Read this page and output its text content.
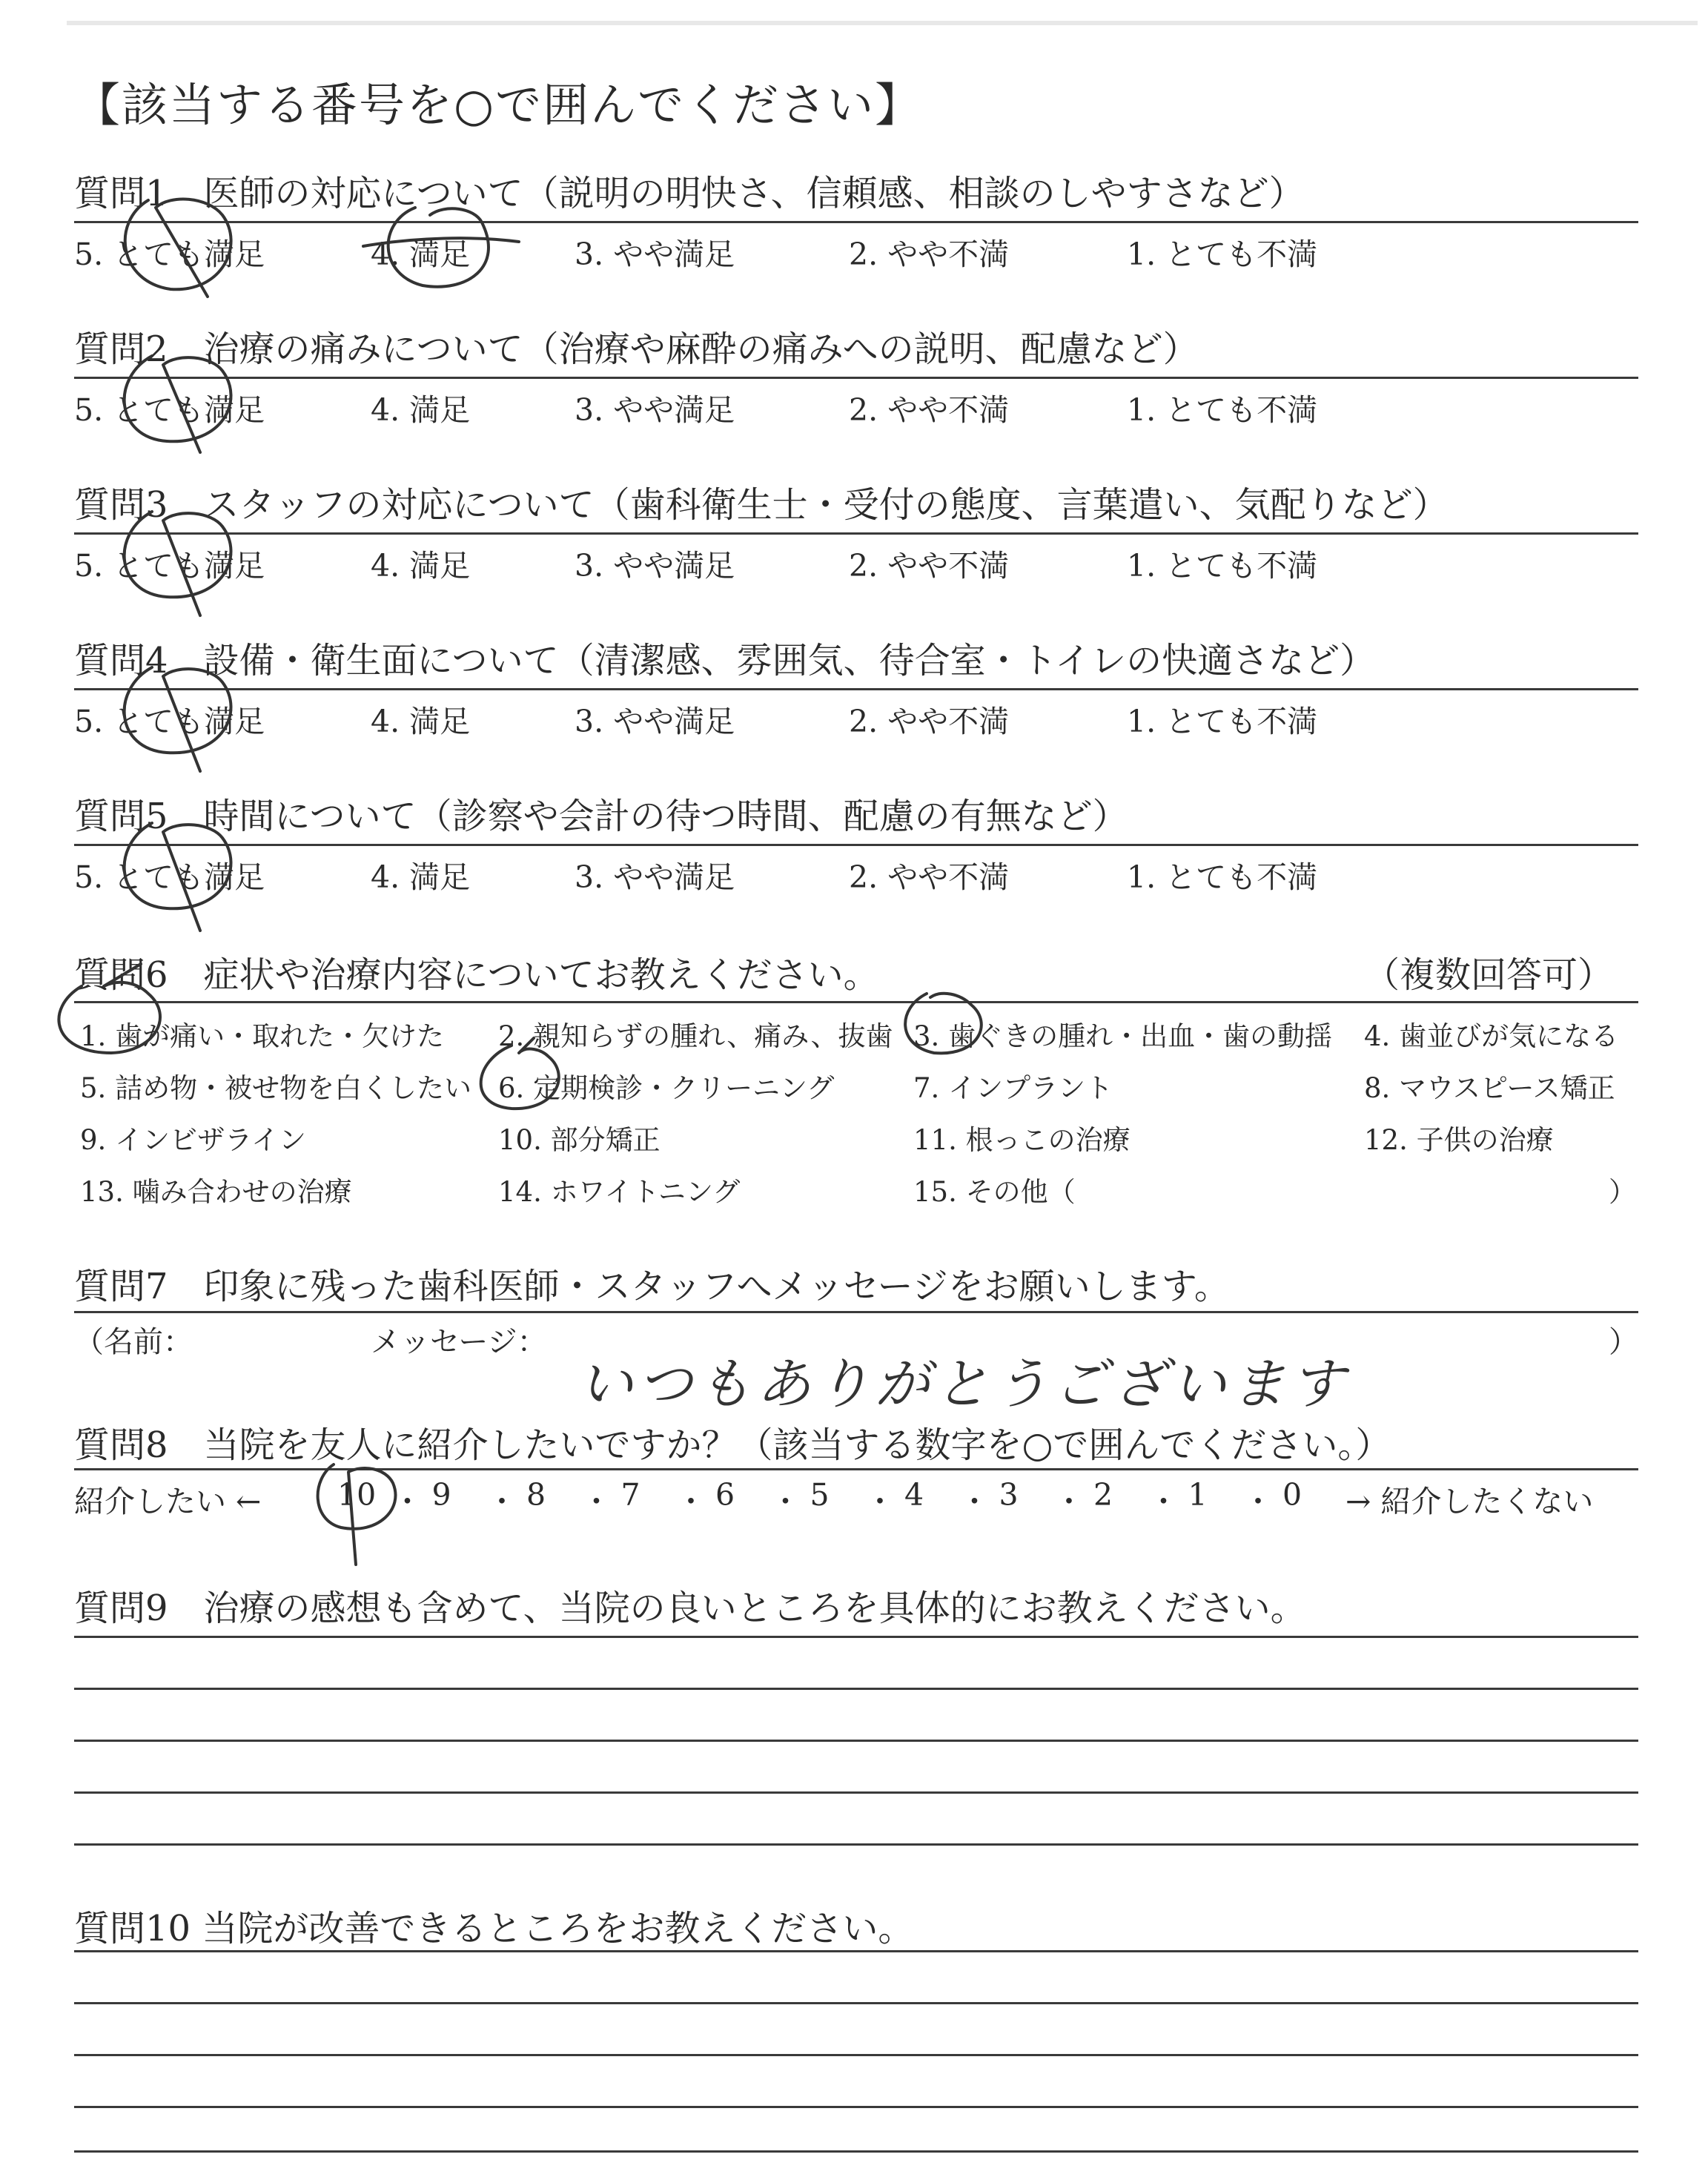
【該当する番号を○で囲んでください】
質問1　医師の対応について（説明の明快さ、信頼感、相談のしやすさなど）
5. とても満足	4. 満足	3. やや満足	2. やや不満	1. とても不満
質問2　治療の痛みについて（治療や麻酔の痛みへの説明、配慮など）
5. とても満足	4. 満足	3. やや満足	2. やや不満	1. とても不満
質問3　スタッフの対応について（歯科衛生士・受付の態度、言葉遣い、気配りなど）
5. とても満足	4. 満足	3. やや満足	2. やや不満	1. とても不満
質問4　設備・衛生面について（清潔感、雰囲気、待合室・トイレの快適さなど）
5. とても満足	4. 満足	3. やや満足	2. やや不満	1. とても不満
質問5　時間について（診察や会計の待つ時間、配慮の有無など）
5. とても満足	4. 満足	3. やや満足	2. やや不満	1. とても不満
質問6　症状や治療内容についてお教えください。	（複数回答可）
1. 歯が痛い・取れた・欠けた 2. 親知らずの腫れ、痛み、抜歯 3. 歯ぐきの腫れ・出血・歯の動揺 4. 歯並びが気になる
5. 詰め物・被せ物を白くしたい 6. 定期検診・クリーニング	7. インプラント	8. マウスピース矯正
9. インビザライン	10. 部分矯正	11. 根っこの治療	12. 子供の治療
13. 噛み合わせの治療	14. ホワイトニング	15. その他（	）
質問7　印象に残った歯科医師・スタッフへメッセージをお願いします。
（名前：	メッセージ：	）
いつもありがとうございます
質問8　当院を友人に紹介したいですか？（該当する数字を○で囲んでください。）
紹介したい ←	10 ・ 9 ・ 8 ・ 7 ・ 6 ・ 5 ・ 4 ・ 3 ・ 2 ・ 1 ・ 0 → 紹介したくない
質問9　治療の感想も含めて、当院の良いところを具体的にお教えください。
質問10 当院が改善できるところをお教えください。
